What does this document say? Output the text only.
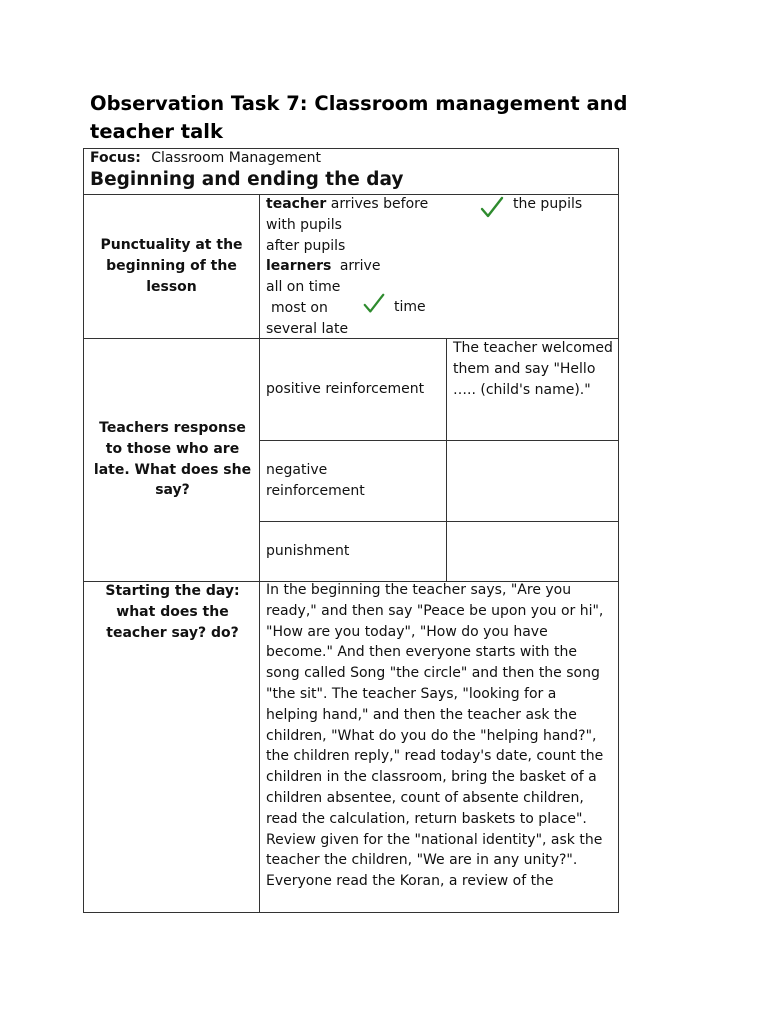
Observation Task 7: Classroom management and teacher talk
Focus: Classroom Management
Beginning and ending the day
Punctuality at the beginning of the lesson
teacher arrives before
with pupils
after pupils
learners arrive
all on time
most on
several late
the pupils
time
Teachers response to those who are late. What does she say?
positive reinforcement
The teacher welcomed them and say "Hello ….. (child's name)."
negative reinforcement
punishment
Starting the day: what does the teacher say? do?
In the beginning the teacher says, "Are you ready," and then say "Peace be upon you or hi", "How are you today", "How do you have become." And then everyone starts with the song called Song "the circle" and then the song "the sit". The teacher Says, "looking for a helping hand," and then the teacher ask the children, "What do you do the "helping hand?", the children reply," read today's date, count the children in the classroom, bring the basket of a children absentee, count of absente children, read the calculation, return baskets to place". Review given for the "national identity", ask the teacher the children, "We are in any unity?". Everyone read the Koran, a review of the
